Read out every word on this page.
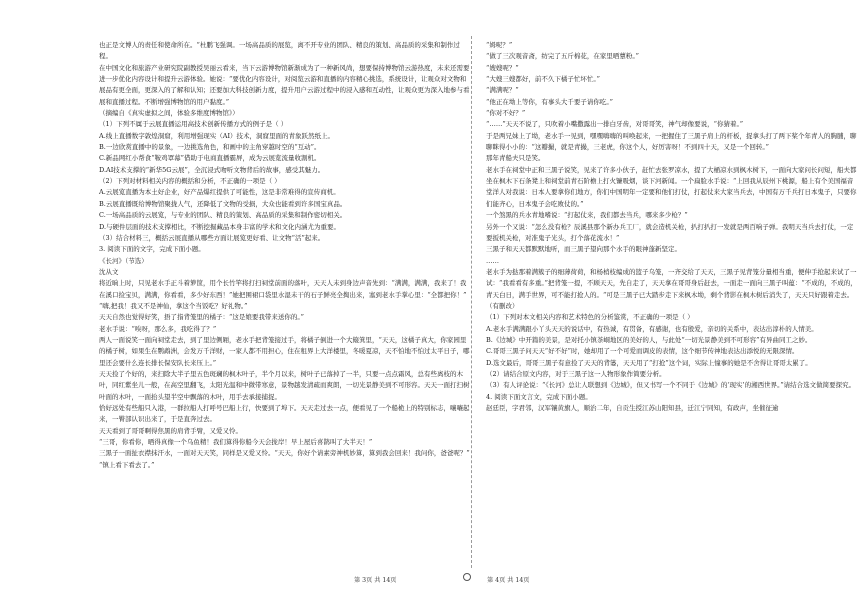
也正是文博人的责任和使命所在。“杜鹏飞强调。一场高品质的展览，离不开专业的团队、精良的策划、高品质的采集和制作过程。

在中国文化和旅游产业研究院副教授吴丽云看来，当下云游博物馆新渐成为了一种新风尚，想要保持博物馆云游热度，未来还需要进一步优化内容设计和提升云游体验。她说：“要优化内容设计，对阅览云游和直播的内容精心挑选，系统设计，让观众对文物和展品有更全面，更深入的了解和认知；还要加大科技创新力度，提升用户云游过程中的浸入感和互动性，让观众更为深入地参与看展和直播过程。不断增强博物馆的用户黏度。”

（摘编自《真实虚拟之间，体验多维度博物馆》）

（1）下列不属于云展直播运用高技术创新传播方式的例子是（ ）

A.线上直播数字敦煌洞窟，利用增强现实（AI）技术，洞窟里面的青象跃然纸上。

B.一边欣赏直播中的景象，一边挑选角色，和画中的主角穿越时空的“互动”。

C.新品网红小帮食“鞍鸡罩幕”借助于电商直播霸屏，成为云展览流量收割机。

D.AI技术支撑的“新华5G云展”，全沉浸式吻听文物背后的故事，感受其魅力。

（2）下列对材料相关内容的概括和分析，不正确的一项是（ ）

A.云展览直播为本土好企业，好产品爆红提供了可能性，这是非常难得的宣传商机。

B.云展直播既给博物馆聚拢人气，还降低了文物的受损，大众也能看到许多国宝真品。

C.一场高品质的云展览，与专业的团队、精良的策划、高品质的采集和制作密切相关。

D.与硬件层面的技术支撑相比，不断挖掘藏品本身丰富的学术和文化内涵尤为重要。

（3）结合材料三，概括云展直播从哪些方面让展览更好看、让文物“活”起来。

3. 阅读下面的文字，完成下面小题。

《长河》（节选）

沈从文

将近晌上时，只见老水手正斗着箩筐，用个长竹竿将打扫祠堂前面的落叶，天天人未到身边声音先到：“满满，满满，我来了！我在溪口捡宝贝，满满，你看看，多少好东西！”她把围裙口袋里水湿未干的石子鲜亮全掏出来，塞到老水手掌心里：“全都把你！”

“嗨,把我！我又不是神仙，拿这个当饭吃？好礼物。”

天天自然也觉得好笑，捂了指背笼里的橘子：“这是娘要我带来送你的。”

老水手说：“唉呀，那么多，我吃得了？”

两人一面说笑一面向祠堂走去，到了里边侧厢，老水手把背笼接过手，将橘子倒进一个大簸箕里，“天天，这橘子真大，你家园里的橘子树，如果生在鹦鹉洲，会发万千洋财，一家人都不用担心，住在租界上大洋楼里，冬暖夏凉，天不怕地不怕过太平日子，哪里还会要什么连长排长保安队长来压上。”

天天捡了个好的，来扫除大半子里五色斑斓的枫木叶子，半个月以来，树叶子已落掉了一半，只要一点点霜风，总有些离枝的木叶，同红紫坐儿一般，在高空里翻飞，太阳光温和中微带寒意，景物越发清疏而爽朗，一切光景静美到不可形容。天天一面打扫树叶面的木叶，一面抬头望半空中飘落的木叶，用手去承接捕捉。

恰好远处有些船只入港，一群拉船人打呼号巴船上行，快要到了埠下。天天走过去一点，便看见了一个船桅上的特别标志，嚷嚷起来，一臀部认识出来了，于是直奔过去。

天天看到了哥哥啊得焦黑的肩背手臂，又爱又怜。

“三哥，你看你，晒得真像一个乌鱼精！我们算得你船今天会拢岸！早上屋后喜鹊叫了大半天！”

三黑子一面扯衣襟抹汗水，一面对天天笑，同样是又爱又怜。“天天，你好个请素旁神机妙算，算到我会回来！我问你，爸爸呢？”

“镇上看下看去了。”

“姆呢？”

“做了三次观音斋，纺完了五斤棉花，在家里晒蕈粉。”

“嫂嫂呢？”

“大嫂三嫂都好，前不久下橘子忙坏忙。”

“满满呢？”

“他正在坳上等你，有事头大千要子请你吃。”

“你对不好？”

“……”天天不说了，只吹着小嘴撒露出一排白牙齿，对哥哥笑，神气却像要说，“你猜着。”

于是两兄妹上了坳，老水手一见到，嘿嘿嗨嗨的叫唤起来，一把握住了三黑子肩上的杆板，捉拿头打了两下桨个年青人的胸脯，聊聊眯得小小的：“这瓣撮，就是青撮，三老虎，你这个人，好厉害呀！不到四十天，又是一个回转。”

那年青船夫只是笑。

老水手在祠堂中正和三黑子说笑，见来了许多小伙子，赶忙去张罗凉水，提了大桶凉水到枫木树下，一面向大家问长问短，船夫都坐在枫木下石条凳上和祠堂前青石阶檐上打火镰吸烟，谈下河新闻。一个扁脸水手说：“上回我从辰州下桃源，船上有个美国福音堂洋人对我说：日本人要拿你们地方，你们中国明年一定要和他们打仗，打起仗来大家当兵去，中国有万千兵打日本鬼子，只要你们能齐心，日本鬼子会吃败仗的。”

一个煞黑的兵水青地嗜说：“打起仗来，我们都去当兵，哪来多少枪？”

另外一个又说：“怎么没有枪？辰溪县那个新办兵工厂，就会造机关枪，扒打扒打一发就是两百响子弹。我明天当兵去打仗，一定要扳机关枪，对准鬼子光头，打个落花流水！”

三黑子和天天都默默地听，而三黑子望向那个水手的眼神蓬新坚定。

……

老水手为挞那着满簇子的细薄荷荷，和杨梢枝编成的篮子乌笼，一齐交给了天天，三黑子见背笼分量相当重，便伸手抢起来试了一试：“我看看有多重。”把背笼一提，不顾天天，先自走了，天天拿在哥哥身后赶去，一面走一面向三黑子叫蕴：“不成的，不成的，青天白日，满手世界，可不能打抢人的。“可是三黑子已大踏步走下来枫木坳，剩个背影在枫木树后消失了，天天只好跟着走去。

（有删改）

（1）下列对本文相关内容和艺术特色的分析鉴赏，不正确的一项是（ ）

A.老水手满满跟小丫头天天的说话中，有热诚，有贯备，有感谢，也有殷爱，亲切的关系中，表达出淳朴的人情美。

B.《边城》中开篇的美景，是对托小镇茶峒地区的美好的人，与此处“一切光景静美到不可形容”有异曲同工之妙。

C.哥哥三黑子问天天“好不好”时，她却用了一个可爱而调皮的表情，这个细节传神地表达出添悦的无限深情。

D.选文最后，哥哥三黑子有意捡了天天的背篓，天天用了“打抢”这个词，实际上憧事的她是不舍得让哥哥太累了。

（2）请结合原文内容，对于三黑子这一人物形象作简要分析。

（3）有人评论说：“《长河》总让人联想到《边城》，但又书写一个不同于《边城》的‘现实’的湘西世界。”请结合选文做简要探究。

4. 阅读下面文言文，完成下面小题。

赵廷臣，字君邻，汉军镶黄旗人，顺治二年，自贡生授江苏山阳知县，迁江宁同知，有政声，坐催征逾

第 3页 共 14页	第 4页 共 14页
